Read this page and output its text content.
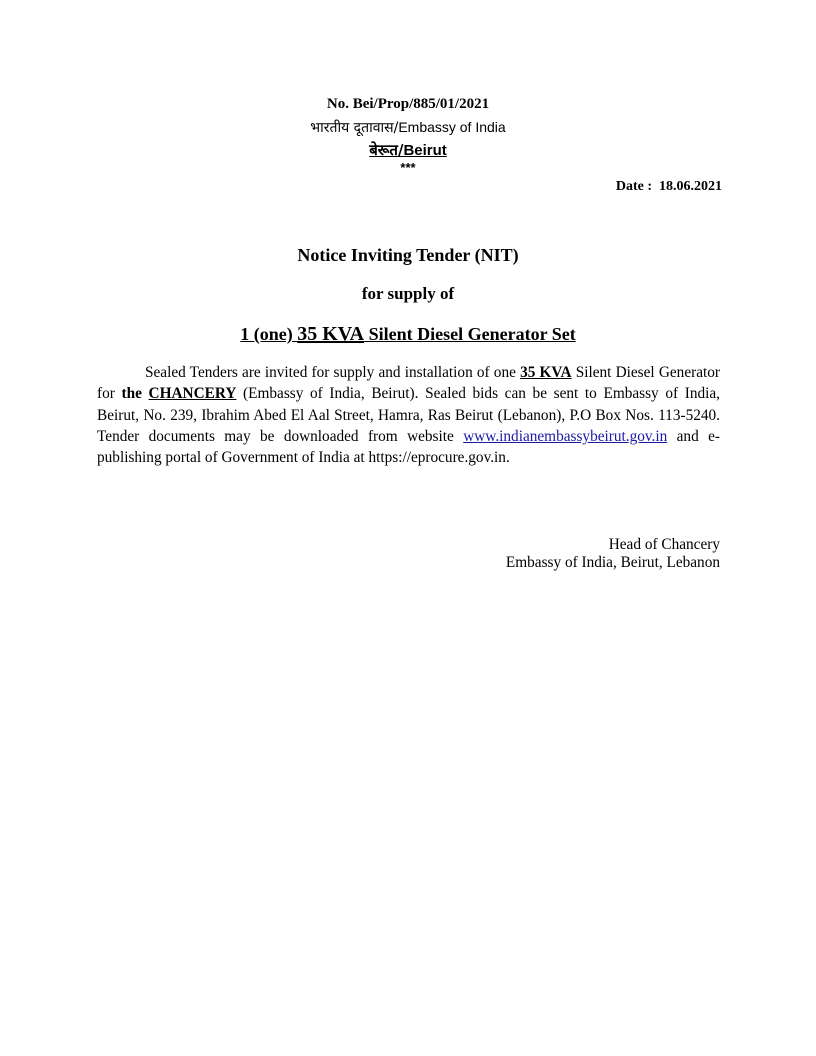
No. Bei/Prop/885/01/2021
भारतीय दूतावास/Embassy of India
बेरूत/Beirut
***
Date : 18.06.2021
Notice Inviting Tender (NIT)
for supply of
1 (one) 35 KVA Silent Diesel Generator Set

Sealed Tenders are invited for supply and installation of one 35 KVA Silent Diesel Generator for the CHANCERY (Embassy of India, Beirut). Sealed bids can be sent to Embassy of India, Beirut, No. 239, Ibrahim Abed El Aal Street, Hamra, Ras Beirut (Lebanon), P.O Box Nos. 113-5240. Tender documents may be downloaded from website www.indianembassybeirut.gov.in and e-publishing portal of Government of India at https://eprocure.gov.in.

Head of Chancery
Embassy of India, Beirut, Lebanon
